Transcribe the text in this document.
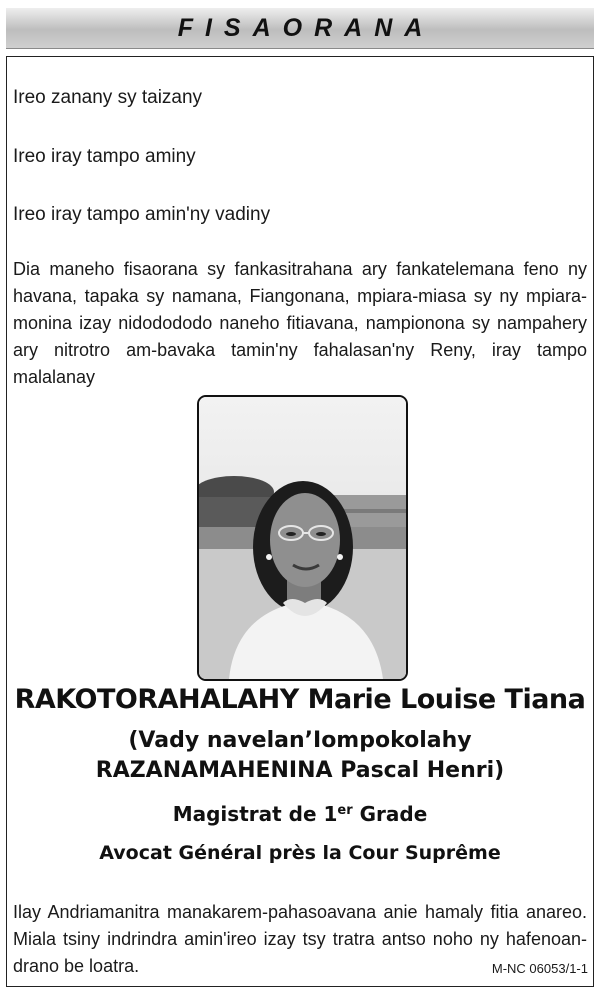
FISAORANA

Ireo zanany sy taizany

Ireo iray tampo aminy

Ireo iray tampo amin'ny vadiny

Dia maneho fisaorana sy fankasitrahana ary fankatelemana feno ny havana, tapaka sy namana, Fiangonana, mpiara-miasa sy ny mpiara-monina izay nidodododo naneho fitiavana, nampionona sy nampahery ary nitrotro am-bavaka tamin'ny fahalasan'ny Reny, iray tampo malalanay

RAKOTORAHALAHY Marie Louise Tiana

(Vady navelan’Iompokolahy

RAZANAMAHENINA Pascal Henri)

Magistrat de 1er Grade

Avocat Général près la Cour Suprême

Ilay Andriamanitra manakarem-pahasoavana anie hamaly fitia anareo. Miala tsiny indrindra amin'ireo izay tsy tratra antso noho ny hafenoan-drano be loatra.	M-NC 06053/1-1
